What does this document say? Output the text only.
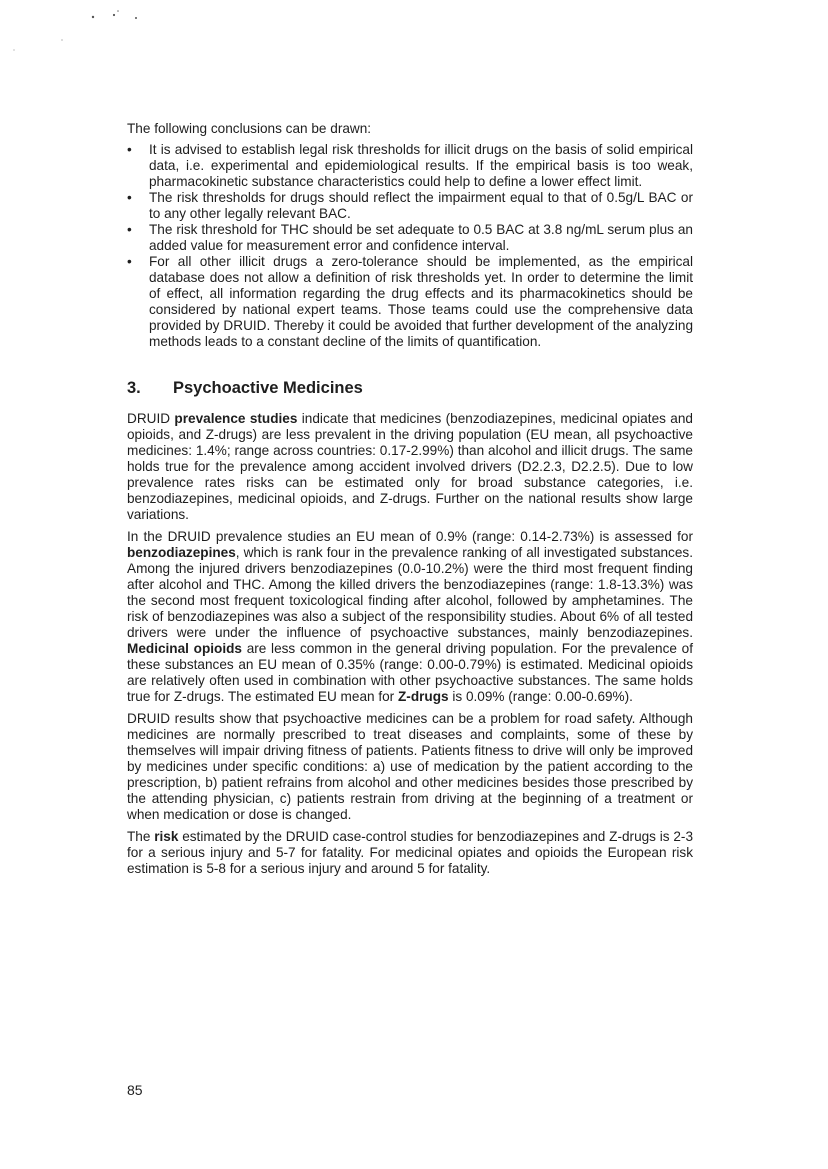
The following conclusions can be drawn:

• It is advised to establish legal risk thresholds for illicit drugs on the basis of solid empirical data, i.e. experimental and epidemiological results. If the empirical basis is too weak, pharmacokinetic substance characteristics could help to define a lower effect limit.
• The risk thresholds for drugs should reflect the impairment equal to that of 0.5g/L BAC or to any other legally relevant BAC.
• The risk threshold for THC should be set adequate to 0.5 BAC at 3.8 ng/mL serum plus an added value for measurement error and confidence interval.
• For all other illicit drugs a zero-tolerance should be implemented, as the empirical database does not allow a definition of risk thresholds yet. In order to determine the limit of effect, all information regarding the drug effects and its pharmacokinetics should be considered by national expert teams. Those teams could use the comprehensive data provided by DRUID. Thereby it could be avoided that further development of the analyzing methods leads to a constant decline of the limits of quantification.
3.	Psychoactive Medicines

DRUID prevalence studies indicate that medicines (benzodiazepines, medicinal opiates and opioids, and Z-drugs) are less prevalent in the driving population (EU mean, all psychoactive medicines: 1.4%; range across countries: 0.17-2.99%) than alcohol and illicit drugs. The same holds true for the prevalence among accident involved drivers (D2.2.3, D2.2.5). Due to low prevalence rates risks can be estimated only for broad substance categories, i.e. benzodiazepines, medicinal opioids, and Z-drugs. Further on the national results show large variations.

In the DRUID prevalence studies an EU mean of 0.9% (range: 0.14-2.73%) is assessed for benzodiazepines, which is rank four in the prevalence ranking of all investigated substances. Among the injured drivers benzodiazepines (0.0-10.2%) were the third most frequent finding after alcohol and THC. Among the killed drivers the benzodiazepines (range: 1.8-13.3%) was the second most frequent toxicological finding after alcohol, followed by amphetamines. The risk of benzodiazepines was also a subject of the responsibility studies. About 6% of all tested drivers were under the influence of psychoactive substances, mainly benzodiazepines. Medicinal opioids are less common in the general driving population. For the prevalence of these substances an EU mean of 0.35% (range: 0.00-0.79%) is estimated. Medicinal opioids are relatively often used in combination with other psychoactive substances. The same holds true for Z-drugs. The estimated EU mean for Z-drugs is 0.09% (range: 0.00-0.69%).

DRUID results show that psychoactive medicines can be a problem for road safety. Although medicines are normally prescribed to treat diseases and complaints, some of these by themselves will impair driving fitness of patients. Patients fitness to drive will only be improved by medicines under specific conditions: a) use of medication by the patient according to the prescription, b) patient refrains from alcohol and other medicines besides those prescribed by the attending physician, c) patients restrain from driving at the beginning of a treatment or when medication or dose is changed.

The risk estimated by the DRUID case-control studies for benzodiazepines and Z-drugs is 2-3 for a serious injury and 5-7 for fatality. For medicinal opiates and opioids the European risk estimation is 5-8 for a serious injury and around 5 for fatality.

85
